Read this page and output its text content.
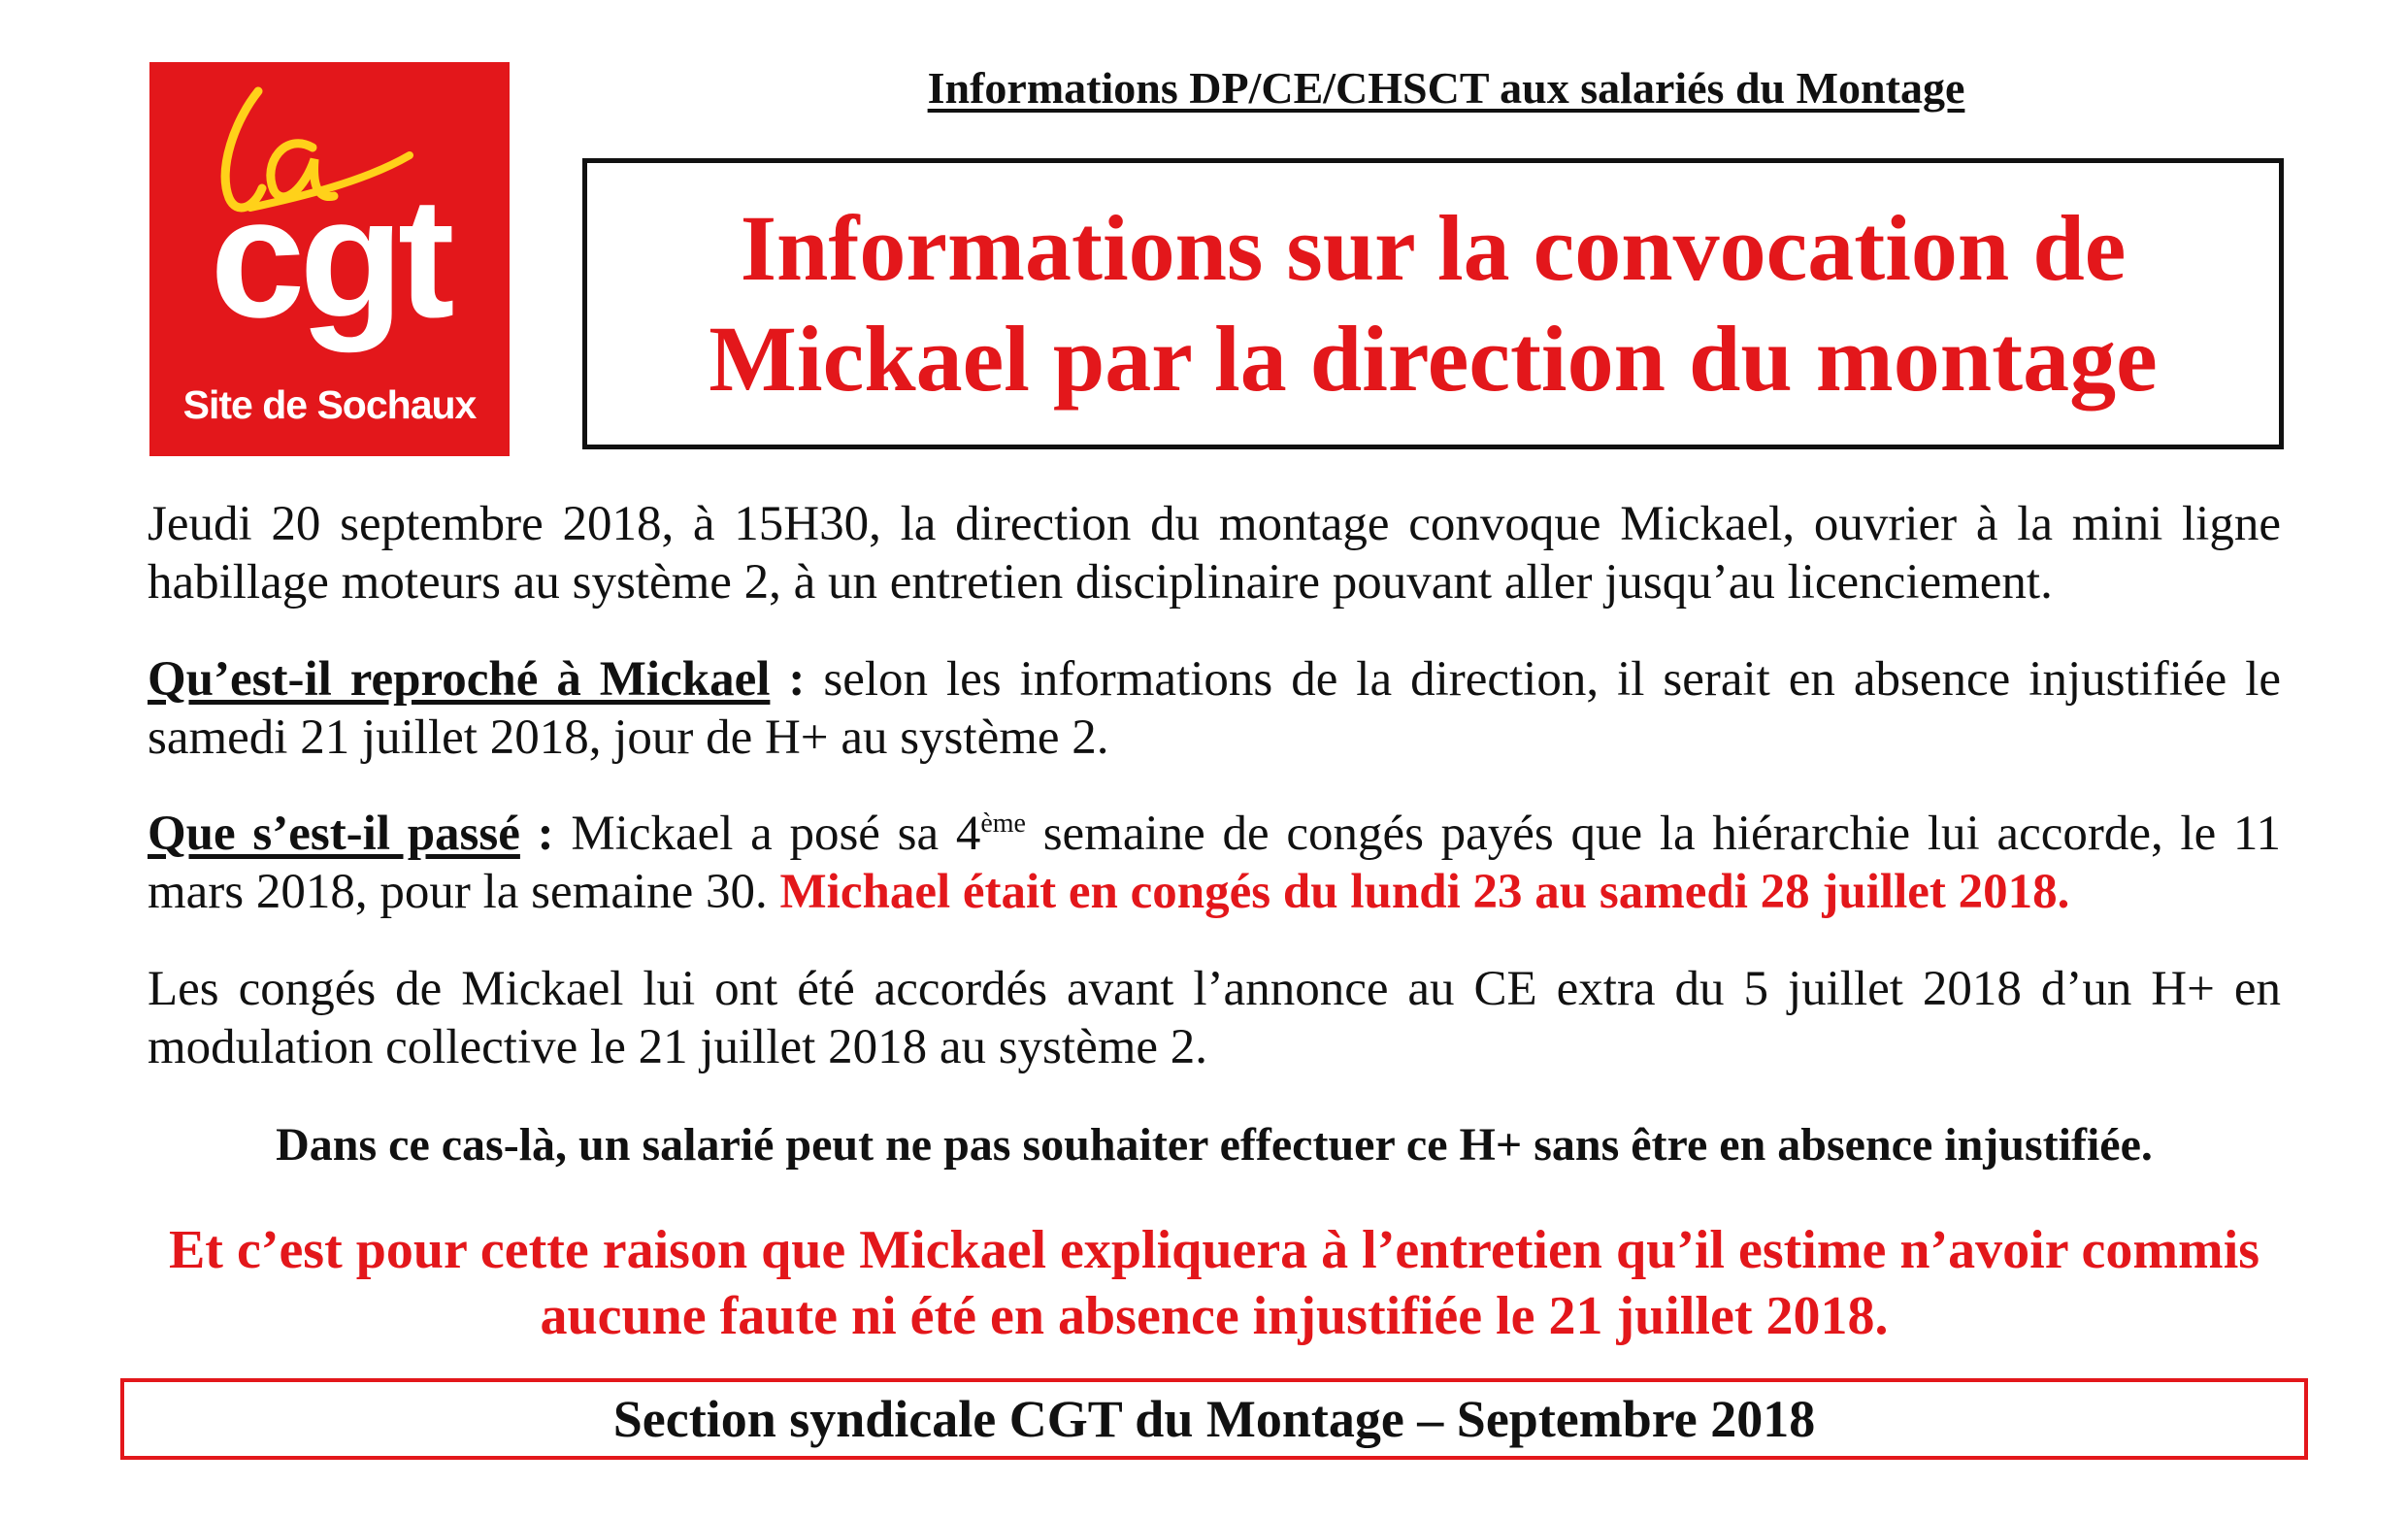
cgt
Site de Sochaux
Informations DP/CE/CHSCT aux salariés du Montage
Informations sur la convocation de Mickael par la direction du montage
Jeudi 20 septembre 2018, à 15H30, la direction du montage convoque Mickael, ouvrier à la mini ligne habillage moteurs au système 2, à un entretien disciplinaire pouvant aller jusqu’au licenciement.
Qu’est-il reproché à Mickael : selon les informations de la direction, il serait en absence injustifiée le samedi 21 juillet 2018, jour de H+ au système 2.
Que s’est-il passé : Mickael a posé sa 4ème semaine de congés payés que la hiérarchie lui accorde, le 11 mars 2018, pour la semaine 30. Michael était en congés du lundi 23 au samedi 28 juillet 2018.
Les congés de Mickael lui ont été accordés avant l’annonce au CE extra du 5 juillet 2018 d’un H+ en modulation collective le 21 juillet 2018 au système 2.
Dans ce cas-là, un salarié peut ne pas souhaiter effectuer ce H+ sans être en absence injustifiée.
Et c’est pour cette raison que Mickael expliquera à l’entretien qu’il estime n’avoir commis aucune faute ni été en absence injustifiée le 21 juillet 2018.
Section syndicale CGT du Montage – Septembre 2018
